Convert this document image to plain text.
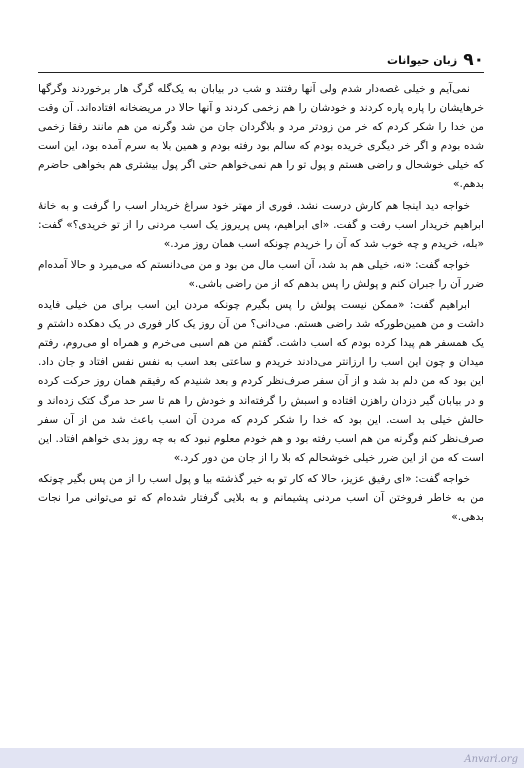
۹۰
زبان حیوانات

نمی‌آیم و خیلی غصه‌دار شدم ولی آنها رفتند و شب در بیابان به یک‌گله گرگ هار برخوردند وگرگها خرهایشان را پاره پاره کردند و خودشان را هم زخمی کردند و آنها حالا در مریضخانه افتاده‌اند. آن وقت من خدا را شکر کردم که خر من زودتر مرد و بلاگردان جان من شد وگرنه من هم مانند رفقا زخمی شده بودم و اگر خر دیگری خریده بودم که سالم بود رفته بودم و همین بلا به سرم آمده بود، این است که خیلی خوشحال و راضی هستم و پول تو را هم نمی‌خواهم حتی اگر پول بیشتری هم بخواهی حاضرم بدهم.»

خواجه دید اینجا هم کارش درست نشد. فوری از مهتر خود سراغ خریدار اسب را گرفت و به خانهٔ ابراهیم خریدار اسب رفت و گفت. «ای ابراهیم، پس پریروز یک اسب مردنی را از تو خریدی؟» گفت: «بله، خریدم و چه خوب شد که آن را خریدم چونکه اسب همان روز مرد.»

خواجه گفت: «نه، خیلی هم بد شد، آن اسب مال من بود و من می‌دانستم که می‌میرد و حالا آمده‌ام ضرر آن را جبران کنم و پولش را پس بدهم که از من راضی باشی.»

ابراهیم گفت: «ممکن نیست پولش را پس بگیرم چونکه مردن این اسب برای من خیلی فایده داشت و من همین‌طورکه شد راضی هستم. می‌دانی؟ من آن روز یک کار فوری در یک دهکده داشتم و یک همسفر هم پیدا کرده بودم که اسب داشت. گفتم من هم اسبی می‌خرم و همراه او می‌روم، رفتم میدان و چون این اسب را ارزانتر می‌دادند خریدم و ساعتی بعد اسب به نفس نفس افتاد و جان داد. این بود که من دلم بد شد و از آن سفر صرف‌نظر کردم و بعد شنیدم که رفیقم همان روز حرکت کرده و در بیابان گیر دزدان راهزن افتاده و اسبش را گرفته‌اند و خودش را هم تا سر حد مرگ کتک زده‌اند و حالش خیلی بد است. این بود که خدا را شکر کردم که مردن آن اسب باعث شد من از آن سفر صرف‌نظر کنم وگرنه من هم اسب رفته بود و هم خودم معلوم نبود که به چه روز بدی خواهم افتاد. این است که من از این ضرر خیلی خوشحالم که بلا را از جان من دور کرد.»

خواجه گفت: «ای رفیق عزیز، حالا که کار تو به خیر گذشته بیا و پول اسب را از من پس بگیر چونکه من به خاطر فروختن آن اسب مردنی پشیمانم و به بلایی گرفتار شده‌ام که تو می‌توانی مرا نجات بدهی.»

Anvari.org
